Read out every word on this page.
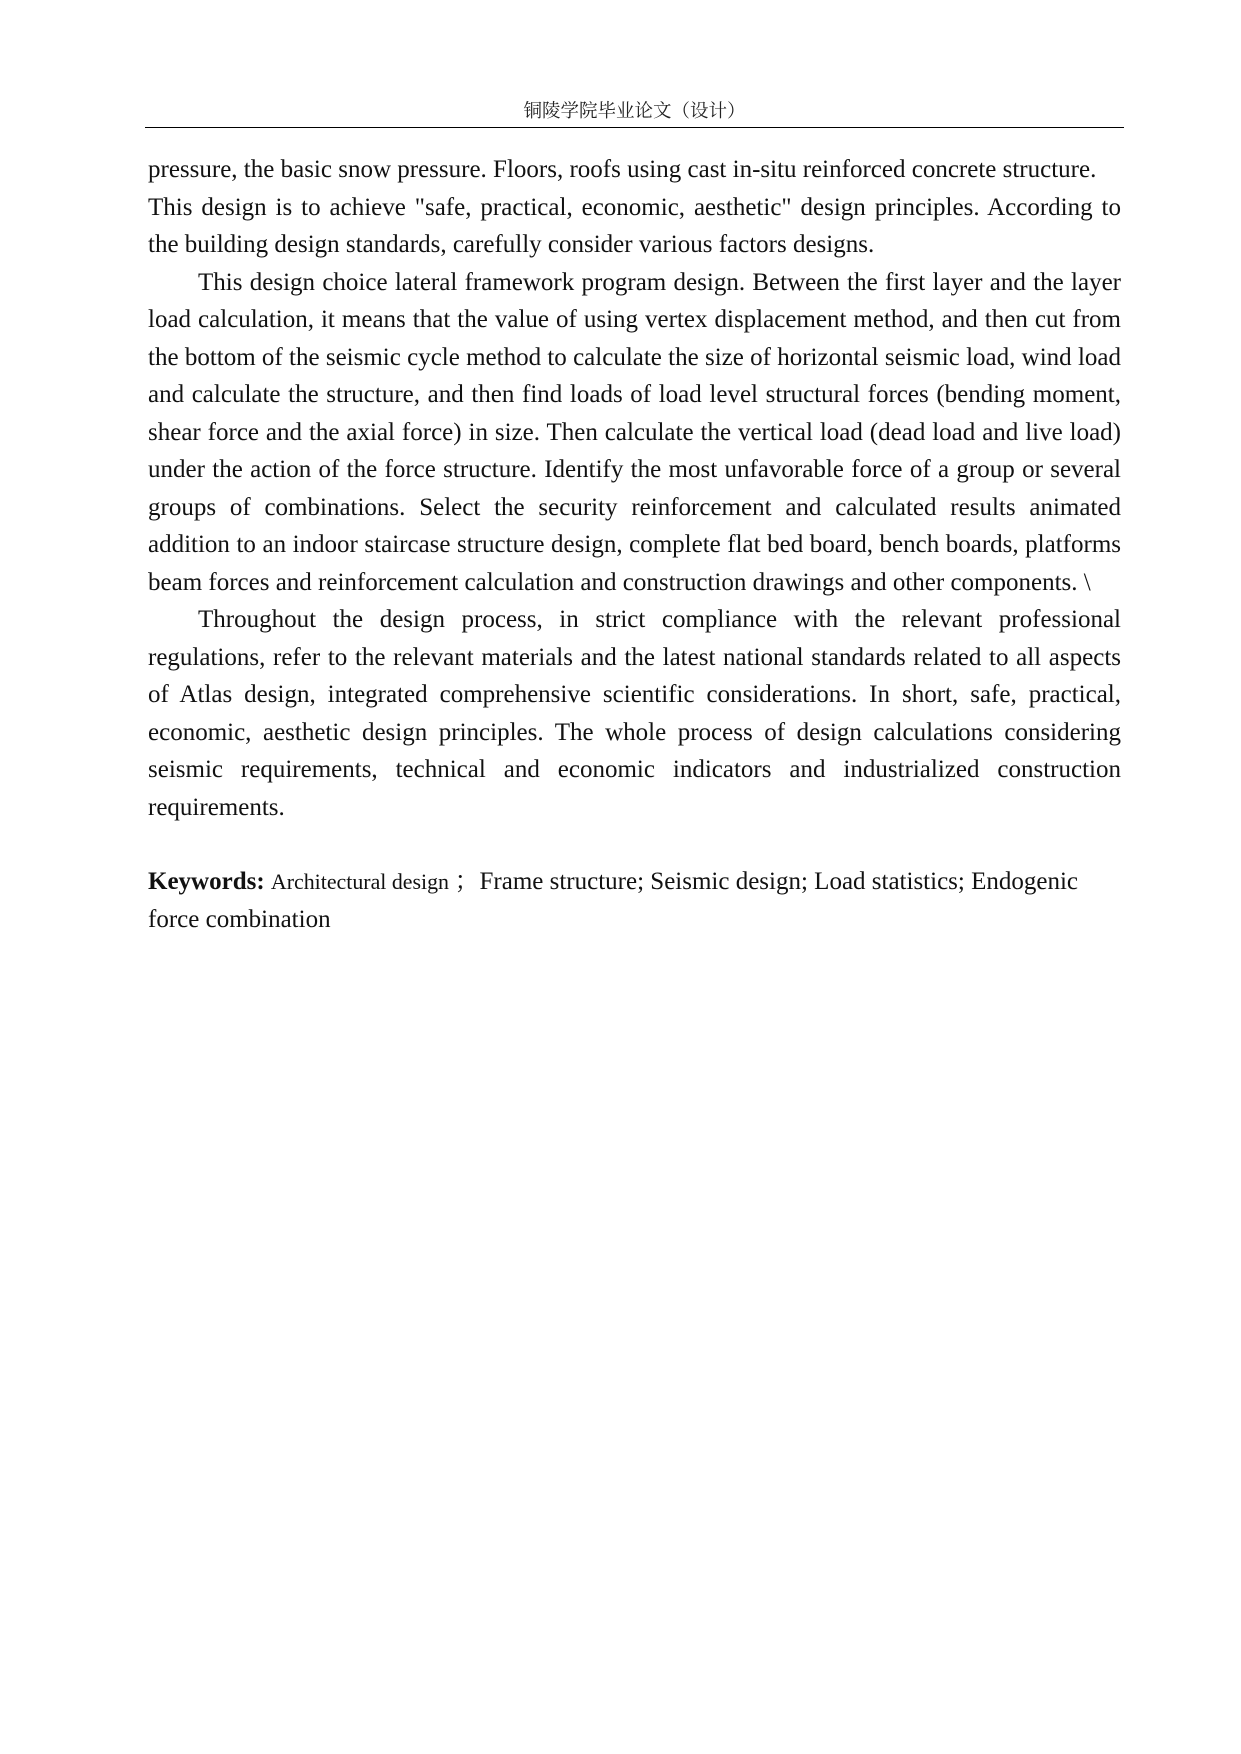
铜陵学院毕业论文（设计）
pressure, the basic snow pressure. Floors, roofs using cast in-situ reinforced concrete structure.
This design is to achieve "safe, practical, economic, aesthetic" design principles. According to
the building design standards, carefully consider various factors designs.
This design choice lateral framework program design. Between the first layer and the layer
load calculation, it means that the value of using vertex displacement method, and then cut from
the bottom of the seismic cycle method to calculate the size of horizontal seismic load, wind load
and calculate the structure, and then find loads of load level structural forces (bending moment,
shear force and the axial force) in size. Then calculate the vertical load (dead load and live load)
under the action of the force structure. Identify the most unfavorable force of a group or several
groups of combinations. Select the security reinforcement and calculated results animated
addition to an indoor staircase structure design, complete flat bed board, bench boards, platforms
beam forces and reinforcement calculation and construction drawings and other components. \
Throughout the design process, in strict compliance with the relevant professional
regulations, refer to the relevant materials and the latest national standards related to all aspects
of Atlas design, integrated comprehensive scientific considerations. In short, safe, practical,
economic, aesthetic design principles. The whole process of design calculations considering
seismic requirements, technical and economic indicators and industrialized construction
requirements.
Keywords: Architectural design ；Frame structure; Seismic design; Load statistics; Endogenic
force combination
